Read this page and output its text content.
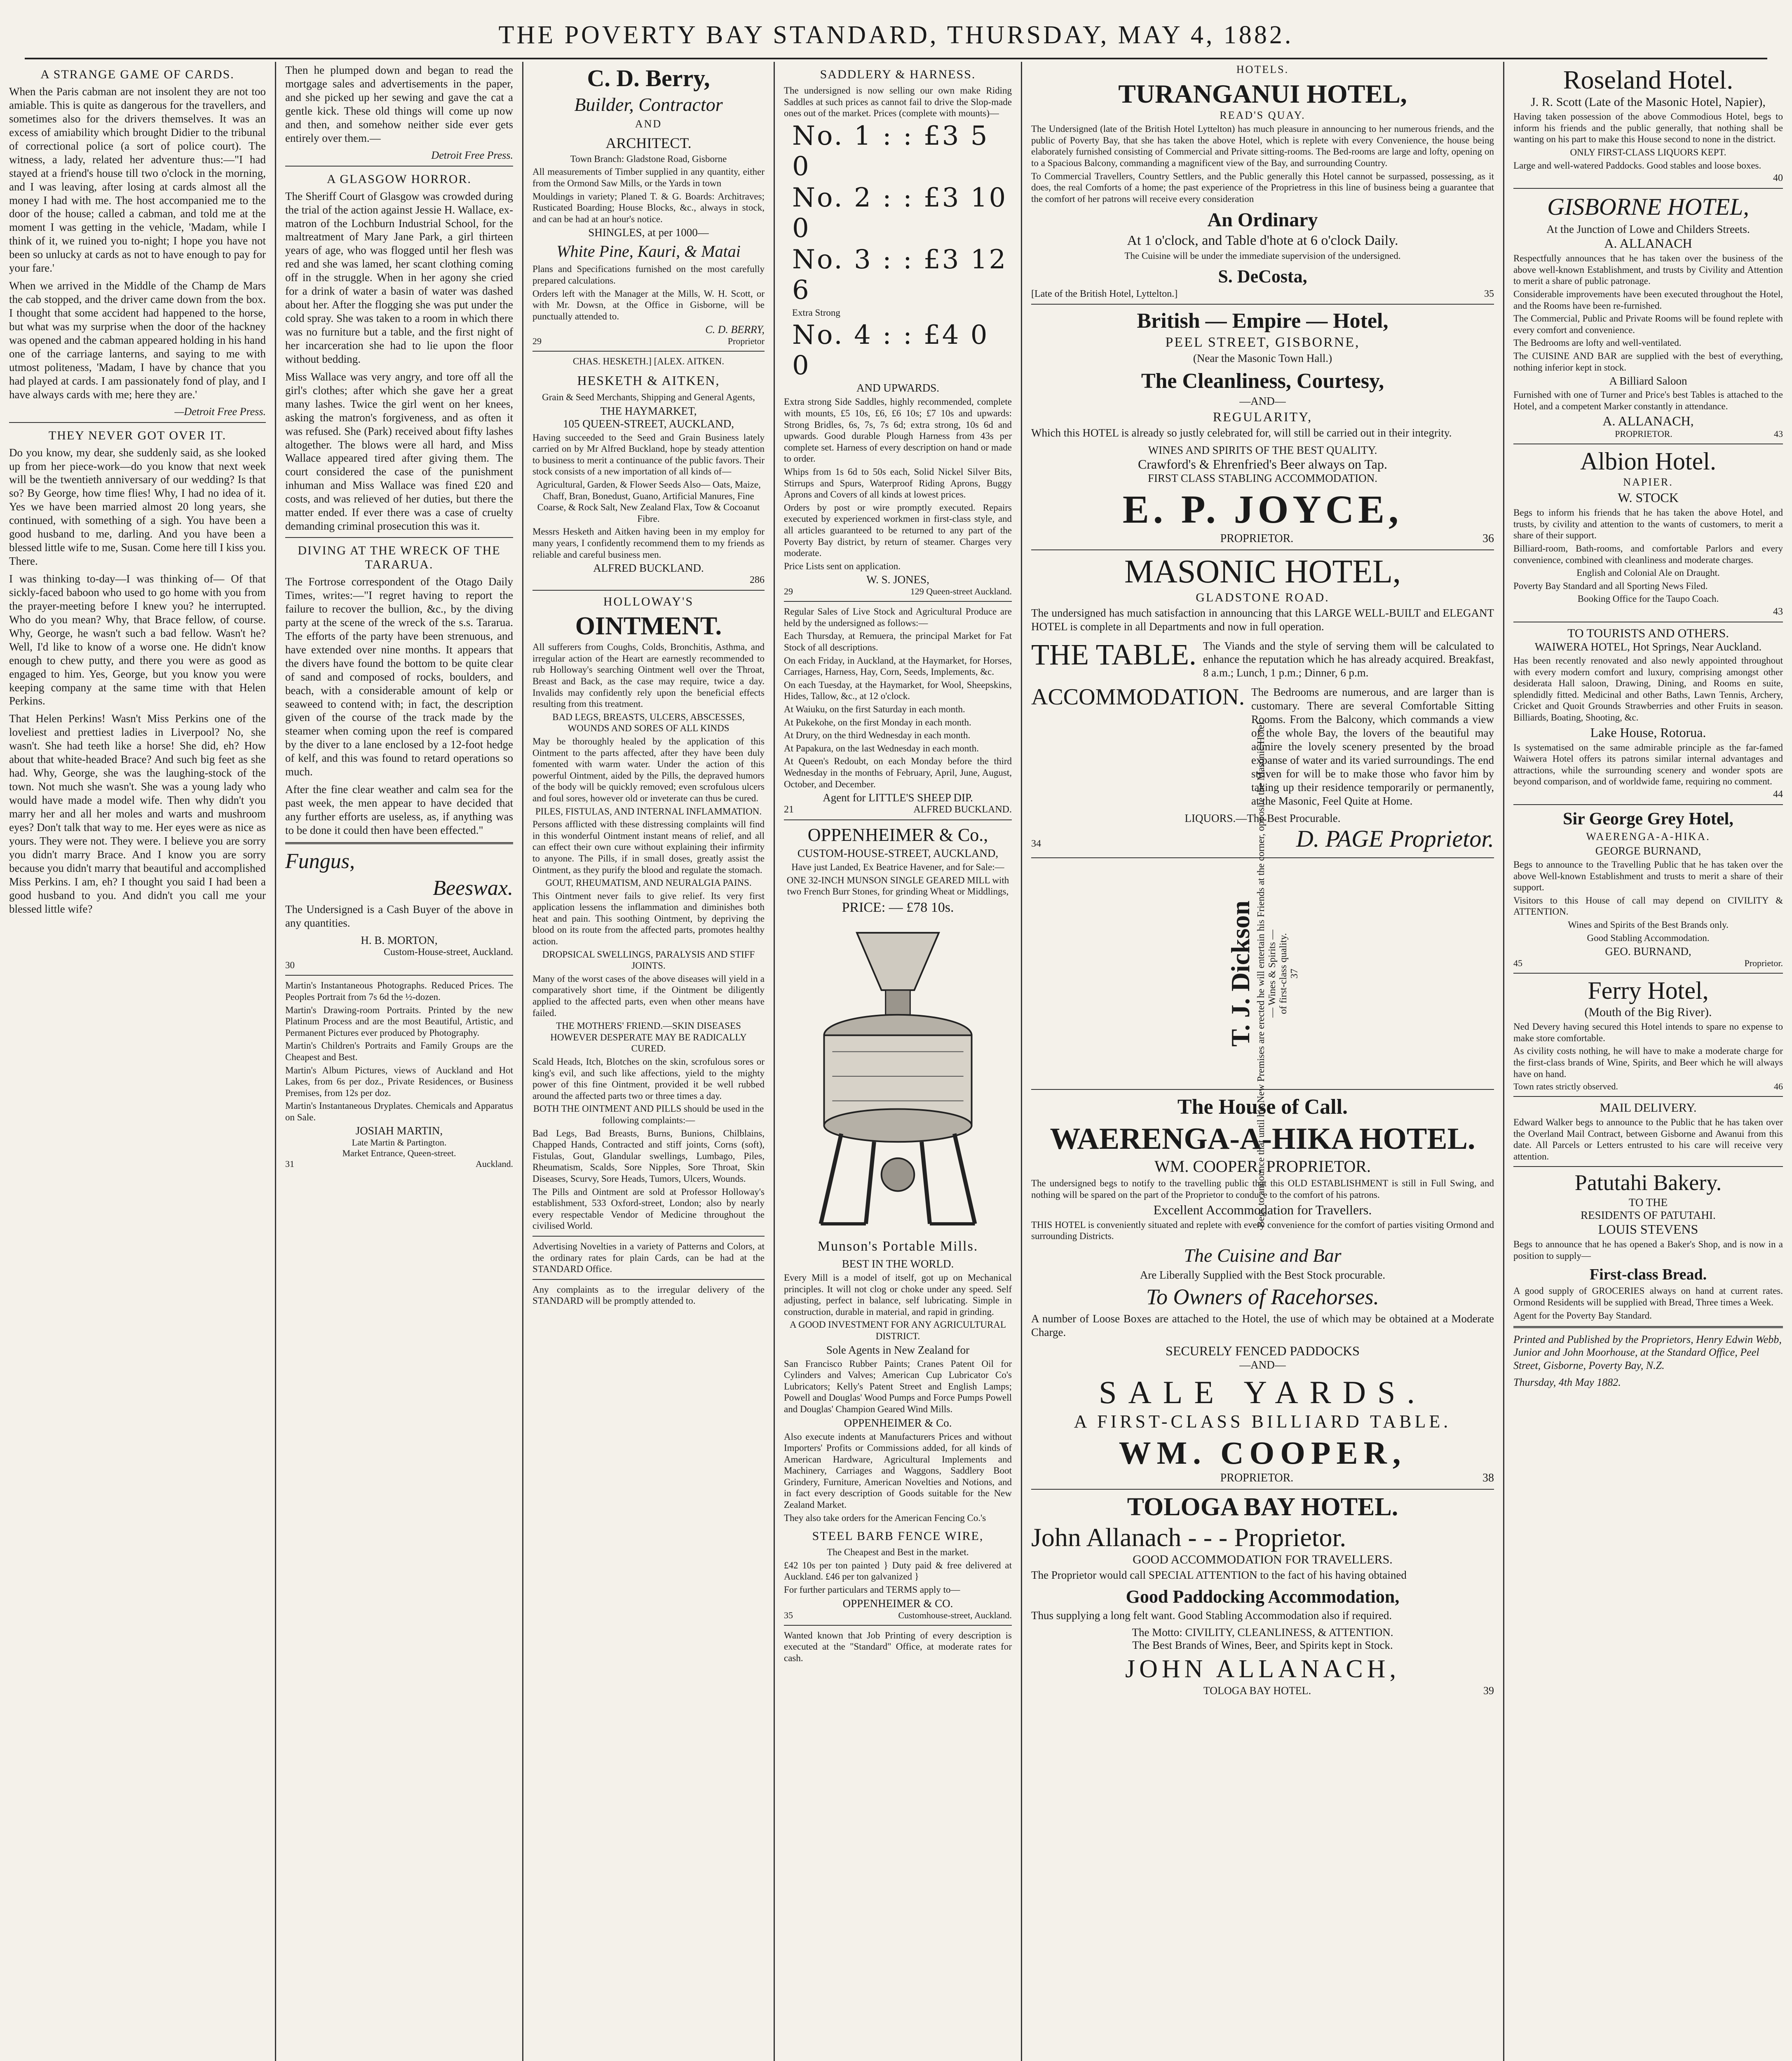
THE POVERTY BAY STANDARD, THURSDAY, MAY 4, 1882.
A STRANGE GAME OF CARDS.
When the Paris cabman are not insolent they are not too amiable. This is quite as dangerous for the travellers, and sometimes also for the drivers themselves. It was an excess of amiability which brought Didier to the tribunal of correctional police (a sort of police court). The witness, a lady, related her adventure thus:—"I had stayed at a friend's house till two o'clock in the morning, and I was leaving, after losing at cards almost all the money I had with me. The host accompanied me to the door of the house; called a cabman, and told me at the moment I was getting in the vehicle, 'Madam, while I think of it, we ruined you to-night; I hope you have not been so unlucky at cards as not to have enough to pay for your fare.'
When we arrived in the Middle of the Champ de Mars the cab stopped, and the driver came down from the box. I thought that some accident had happened to the horse, but what was my surprise when the door of the hackney was opened and the cabman appeared holding in his hand one of the carriage lanterns, and saying to me with utmost politeness, 'Madam, I have by chance that you had played at cards. I am passionately fond of play, and I have always cards with me; here they are.'
—Detroit Free Press.
THEY NEVER GOT OVER IT.
Do you know, my dear, she suddenly said, as she looked up from her piece-work—do you know that next week will be the twentieth anniversary of our wedding? Is that so? By George, how time flies! Why, I had no idea of it. Yes we have been married almost 20 long years, she continued, with something of a sigh. You have been a good husband to me, darling. And you have been a blessed little wife to me, Susan. Come here till I kiss you. There.
I was thinking to-day—I was thinking of— Of that sickly-faced baboon who used to go home with you from the prayer-meeting before I knew you? he interrupted. Who do you mean? Why, that Brace fellow, of course. Why, George, he wasn't such a bad fellow. Wasn't he? Well, I'd like to know of a worse one. He didn't know enough to chew putty, and there you were as good as engaged to him. Yes, George, but you know you were keeping company at the same time with that Helen Perkins.
That Helen Perkins! Wasn't Miss Perkins one of the loveliest and prettiest ladies in Liverpool? No, she wasn't. She had teeth like a horse! She did, eh? How about that white-headed Brace? And such big feet as she had. Why, George, she was the laughing-stock of the town. Not much she wasn't. She was a young lady who would have made a model wife. Then why didn't you marry her and all her moles and warts and mushroom eyes? Don't talk that way to me. Her eyes were as nice as yours. They were not. They were. I believe you are sorry you didn't marry Brace. And I know you are sorry because you didn't marry that beautiful and accomplished Miss Perkins. I am, eh? I thought you said I had been a good husband to you. And didn't you call me your blessed little wife?
Then he plumped down and began to read the mortgage sales and advertisements in the paper, and she picked up her sewing and gave the cat a gentle kick. These old things will come up now and then, and somehow neither side ever gets entirely over them.—
Detroit Free Press.
A GLASGOW HORROR.
The Sheriff Court of Glasgow was crowded during the trial of the action against Jessie H. Wallace, ex-matron of the Lochburn Industrial School, for the maltreatment of Mary Jane Park, a girl thirteen years of age, who was flogged until her flesh was red and she was lamed, her scant clothing coming off in the struggle. When in her agony she cried for a drink of water a basin of water was dashed about her. After the flogging she was put under the cold spray. She was taken to a room in which there was no furniture but a table, and the first night of her incarceration she had to lie upon the floor without bedding.
Miss Wallace was very angry, and tore off all the girl's clothes; after which she gave her a great many lashes. Twice the girl went on her knees, asking the matron's forgiveness, and as often it was refused. She (Park) received about fifty lashes altogether. The blows were all hard, and Miss Wallace appeared tired after giving them. The court considered the case of the punishment inhuman and Miss Wallace was fined £20 and costs, and was relieved of her duties, but there the matter ended. If ever there was a case of cruelty demanding criminal prosecution this was it.
DIVING AT THE WRECK OF THE TARARUA.
The Fortrose correspondent of the Otago Daily Times, writes:—"I regret having to report the failure to recover the bullion, &c., by the diving party at the scene of the wreck of the s.s. Tararua. The efforts of the party have been strenuous, and have extended over nine months. It appears that the divers have found the bottom to be quite clear of sand and composed of rocks, boulders, and beach, with a considerable amount of kelp or seaweed to contend with; in fact, the description given of the course of the track made by the steamer when coming upon the reef is compared by the diver to a lane enclosed by a 12-foot hedge of kelf, and this was found to retard operations so much.
After the fine clear weather and calm sea for the past week, the men appear to have decided that any further efforts are useless, as, if anything was to be done it could then have been effected."
Fungus,
Beeswax.
The Undersigned is a Cash Buyer of the above in any quantities.
H. B. MORTON,
Custom-House-street, Auckland.
30
Martin's Instantaneous Photographs. Reduced Prices. The Peoples Portrait from 7s 6d the ½-dozen.
Martin's Drawing-room Portraits. Printed by the new Platinum Process and are the most Beautiful, Artistic, and Permanent Pictures ever produced by Photography.
Martin's Children's Portraits and Family Groups are the Cheapest and Best.
Martin's Album Pictures, views of Auckland and Hot Lakes, from 6s per doz., Private Residences, or Business Premises, from 12s per doz.
Martin's Instantaneous Dryplates. Chemicals and Apparatus on Sale.
JOSIAH MARTIN,
Late Martin & Partington.
Market Entrance, Queen-street.
31	Auckland.
C. D. Berry,
Builder, Contractor
AND
ARCHITECT.
Town Branch: Gladstone Road, Gisborne
All measurements of Timber supplied in any quantity, either from the Ormond Saw Mills, or the Yards in town
Mouldings in variety; Planed T. & G. Boards: Architraves; Rusticated Boarding; House Blocks, &c., always in stock, and can be had at an hour's notice.
SHINGLES, at per 1000—
White Pine, Kauri, & Matai
Plans and Specifications furnished on the most carefully prepared calculations.
Orders left with the Manager at the Mills, W. H. Scott, or with Mr. Dowsn, at the Office in Gisborne, will be punctually attended to.
C. D. BERRY,
29	Proprietor
CHAS. HESKETH.] [ALEX. AITKEN.
HESKETH & AITKEN,
Grain & Seed Merchants, Shipping and General Agents,
THE HAYMARKET,
105 QUEEN-STREET, AUCKLAND,
Having succeeded to the Seed and Grain Business lately carried on by Mr Alfred Buckland, hope by steady attention to business to merit a continuance of the public favors. Their stock consists of a new importation of all kinds of—
Agricultural, Garden, & Flower Seeds Also— Oats, Maize, Chaff, Bran, Bonedust, Guano, Artificial Manures, Fine Coarse, & Rock Salt, New Zealand Flax, Tow & Cocoanut Fibre.
Messrs Hesketh and Aitken having been in my employ for many years, I confidently recommend them to my friends as reliable and careful business men.
ALFRED BUCKLAND.
286
HOLLOWAY'S
OINTMENT.
All sufferers from Coughs, Colds, Bronchitis, Asthma, and irregular action of the Heart are earnestly recommended to rub Holloway's searching Ointment well over the Throat, Breast and Back, as the case may require, twice a day. Invalids may confidently rely upon the beneficial effects resulting from this treatment.
BAD LEGS, BREASTS, ULCERS, ABSCESSES, WOUNDS AND SORES OF ALL KINDS
May be thoroughly healed by the application of this Ointment to the parts affected, after they have been duly fomented with warm water. Under the action of this powerful Ointment, aided by the Pills, the depraved humors of the body will be quickly removed; even scrofulous ulcers and foul sores, however old or inveterate can thus be cured.
PILES, FISTULAS, AND INTERNAL INFLAMMATION.
Persons afflicted with these distressing complaints will find in this wonderful Ointment instant means of relief, and all can effect their own cure without explaining their infirmity to anyone. The Pills, if in small doses, greatly assist the Ointment, as they purify the blood and regulate the stomach.
GOUT, RHEUMATISM, AND NEURALGIA PAINS.
This Ointment never fails to give relief. Its very first application lessens the inflammation and diminishes both heat and pain. This soothing Ointment, by depriving the blood on its route from the affected parts, promotes healthy action.
DROPSICAL SWELLINGS, PARALYSIS AND STIFF JOINTS.
Many of the worst cases of the above diseases will yield in a comparatively short time, if the Ointment be diligently applied to the affected parts, even when other means have failed.
THE MOTHERS' FRIEND.—SKIN DISEASES HOWEVER DESPERATE MAY BE RADICALLY CURED.
Scald Heads, Itch, Blotches on the skin, scrofulous sores or king's evil, and such like affections, yield to the mighty power of this fine Ointment, provided it be well rubbed around the affected parts two or three times a day.
BOTH THE OINTMENT AND PILLS should be used in the following complaints:—
Bad Legs, Bad Breasts, Burns, Bunions, Chilblains, Chapped Hands, Contracted and stiff joints, Corns (soft), Fistulas, Gout, Glandular swellings, Lumbago, Piles, Rheumatism, Scalds, Sore Nipples, Sore Throat, Skin Diseases, Scurvy, Sore Heads, Tumors, Ulcers, Wounds.
The Pills and Ointment are sold at Professor Holloway's establishment, 533 Oxford-street, London; also by nearly every respectable Vendor of Medicine throughout the civilised World.
Advertising Novelties in a variety of Patterns and Colors, at the ordinary rates for plain Cards, can be had at the STANDARD Office.
Any complaints as to the irregular delivery of the STANDARD will be promptly attended to.
SADDLERY & HARNESS.
The undersigned is now selling our own make Riding Saddles at such prices as cannot fail to drive the Slop-made ones out of the market. Prices (complete with mounts)—
No. 1 : : £3 5 0
No. 2 : : £3 10 0
No. 3 : : £3 12 6
Extra Strong
No. 4 : : £4 0 0
AND UPWARDS.
Extra strong Side Saddles, highly recommended, complete with mounts, £5 10s, £6, £6 10s; £7 10s and upwards: Strong Bridles, 6s, 7s, 7s 6d; extra strong, 10s 6d and upwards. Good durable Plough Harness from 43s per complete set. Harness of every description on hand or made to order.
Whips from 1s 6d to 50s each, Solid Nickel Silver Bits, Stirrups and Spurs, Waterproof Riding Aprons, Buggy Aprons and Covers of all kinds at lowest prices.
Orders by post or wire promptly executed. Repairs executed by experienced workmen in first-class style, and all articles guaranteed to be returned to any part of the Poverty Bay district, by return of steamer. Charges very moderate.
Price Lists sent on application.
W. S. JONES,
29	129 Queen-street Auckland.
Regular Sales of Live Stock and Agricultural Produce are held by the undersigned as follows:—
Each Thursday, at Remuera, the principal Market for Fat Stock of all descriptions.
On each Friday, in Auckland, at the Haymarket, for Horses, Carriages, Harness, Hay, Corn, Seeds, Implements, &c.
On each Tuesday, at the Haymarket, for Wool, Sheepskins, Hides, Tallow, &c., at 12 o'clock.
At Waiuku, on the first Saturday in each month.
At Pukekohe, on the first Monday in each month.
At Drury, on the third Wednesday in each month.
At Papakura, on the last Wednesday in each month.
At Queen's Redoubt, on each Monday before the third Wednesday in the months of February, April, June, August, October, and December.
Agent for LITTLE'S SHEEP DIP.
21	ALFRED BUCKLAND.
OPPENHEIMER & Co.,
CUSTOM-HOUSE-STREET, AUCKLAND,
Have just Landed, Ex Beatrice Havener, and for Sale:—
ONE 32-INCH MUNSON SINGLE GEARED MILL with two French Burr Stones, for grinding Wheat or Middlings,
PRICE: — £78 10s.
Munson's Portable Mills.
BEST IN THE WORLD.
Every Mill is a model of itself, got up on Mechanical principles. It will not clog or choke under any speed. Self adjusting, perfect in balance, self lubricating. Simple in construction, durable in material, and rapid in grinding.
A GOOD INVESTMENT FOR ANY AGRICULTURAL DISTRICT.
Sole Agents in New Zealand for
San Francisco Rubber Paints; Cranes Patent Oil for Cylinders and Valves; American Cup Lubricator Co's Lubricators; Kelly's Patent Street and English Lamps; Powell and Douglas' Wood Pumps and Force Pumps Powell and Douglas' Champion Geared Wind Mills.
OPPENHEIMER & Co.
Also execute indents at Manufacturers Prices and without Importers' Profits or Commissions added, for all kinds of American Hardware, Agricultural Implements and Machinery, Carriages and Waggons, Saddlery Boot Grindery, Furniture, American Novelties and Notions, and in fact every description of Goods suitable for the New Zealand Market.
They also take orders for the American Fencing Co.'s
STEEL BARB FENCE WIRE,
The Cheapest and Best in the market.
£42 10s per ton painted } Duty paid & free delivered at Auckland. £46 per ton galvanized }
For further particulars and TERMS apply to—
OPPENHEIMER & CO.
35	Customhouse-street, Auckland.
Wanted known that Job Printing of every description is executed at the "Standard" Office, at moderate rates for cash.
HOTELS.
TURANGANUI HOTEL,
READ'S QUAY.
The Undersigned (late of the British Hotel Lyttelton) has much pleasure in announcing to her numerous friends, and the public of Poverty Bay, that she has taken the above Hotel, which is replete with every Convenience, the house being elaborately furnished consisting of Commercial and Private sitting-rooms. The Bed-rooms are large and lofty, opening on to a Spacious Balcony, commanding a magnificent view of the Bay, and surrounding Country.
To Commercial Travellers, Country Settlers, and the Public generally this Hotel cannot be surpassed, possessing, as it does, the real Comforts of a home; the past experience of the Proprietress in this line of business being a guarantee that the comfort of her patrons will receive every consideration
An Ordinary
At 1 o'clock, and Table d'hote at 6 o'clock Daily.
The Cuisine will be under the immediate supervision of the undersigned.
S. DeCosta,
[Late of the British Hotel, Lyttelton.]	35
British — Empire — Hotel,
PEEL STREET, GISBORNE,
(Near the Masonic Town Hall.)
The Cleanliness, Courtesy,
—AND—
REGULARITY,
Which this HOTEL is already so justly celebrated for, will still be carried out in their integrity.
WINES AND SPIRITS OF THE BEST QUALITY.
Crawford's & Ehrenfried's Beer always on Tap.
FIRST CLASS STABLING ACCOMMODATION.
E. P. JOYCE,
PROPRIETOR.	36
MASONIC HOTEL,
GLADSTONE ROAD.
The undersigned has much satisfaction in announcing that this LARGE WELL-BUILT and ELEGANT HOTEL is complete in all Departments and now in full operation.
THE TABLE. The Viands and the style of serving them will be calculated to enhance the reputation which he has already acquired. Breakfast, 8 a.m.; Lunch, 1 p.m.; Dinner, 6 p.m.
ACCOMMODATION. The Bedrooms are numerous, and are larger than is customary. There are several Comfortable Sitting Rooms. From the Balcony, which commands a view of the whole Bay, the lovers of the beautiful may admire the lovely scenery presented by the broad expanse of water and its varied surroundings. The end striven for will be to make those who favor him by taking up their residence temporarily or permanently, at the Masonic, Feel Quite at Home.
LIQUORS.—The Best Procurable.
34	D. PAGE Proprietor.
T. J. Dickson Begs to announce that until his New Premises are erected he will entertain his Friends at the corner, opposite the Masonic Hotel. — Wines & Spirits — of first-class quality. 37
The House of Call.
WAERENGA-A-HIKA HOTEL.
WM. COOPER, PROPRIETOR.
The undersigned begs to notify to the travelling public that this OLD ESTABLISHMENT is still in Full Swing, and nothing will be spared on the part of the Proprietor to conduce to the comfort of his patrons.
Excellent Accommodation for Travellers.
THIS HOTEL is conveniently situated and replete with every convenience for the comfort of parties visiting Ormond and surrounding Districts.
The Cuisine and Bar
Are Liberally Supplied with the Best Stock procurable.
To Owners of Racehorses.
A number of Loose Boxes are attached to the Hotel, the use of which may be obtained at a Moderate Charge.
SECURELY FENCED PADDOCKS
—AND—
SALE YARDS.
A FIRST-CLASS BILLIARD TABLE.
WM. COOPER,
PROPRIETOR.	38
TOLOGA BAY HOTEL.
John Allanach - - - Proprietor.
GOOD ACCOMMODATION FOR TRAVELLERS.
The Proprietor would call SPECIAL ATTENTION to the fact of his having obtained
Good Paddocking Accommodation,
Thus supplying a long felt want. Good Stabling Accommodation also if required.
The Motto: CIVILITY, CLEANLINESS, & ATTENTION.
The Best Brands of Wines, Beer, and Spirits kept in Stock.
JOHN ALLANACH,
TOLOGA BAY HOTEL.	39
Roseland Hotel.
J. R. Scott (Late of the Masonic Hotel, Napier),
Having taken possession of the above Commodious Hotel, begs to inform his friends and the public generally, that nothing shall be wanting on his part to make this House second to none in the district.
ONLY FIRST-CLASS LIQUORS KEPT.
Large and well-watered Paddocks. Good stables and loose boxes.
40
GISBORNE HOTEL,
At the Junction of Lowe and Childers Streets.
A. ALLANACH
Respectfully announces that he has taken over the business of the above well-known Establishment, and trusts by Civility and Attention to merit a share of public patronage.
Considerable improvements have been executed throughout the Hotel, and the Rooms have been re-furnished.
The Commercial, Public and Private Rooms will be found replete with every comfort and convenience.
The Bedrooms are lofty and well-ventilated.
The CUISINE AND BAR are supplied with the best of everything, nothing inferior kept in stock.
A Billiard Saloon
Furnished with one of Turner and Price's best Tables is attached to the Hotel, and a competent Marker constantly in attendance.
A. ALLANACH,
PROPRIETOR.	43
Albion Hotel.
NAPIER.
W. STOCK
Begs to inform his friends that he has taken the above Hotel, and trusts, by civility and attention to the wants of customers, to merit a share of their support.
Billiard-room, Bath-rooms, and comfortable Parlors and every convenience, combined with cleanliness and moderate charges.
English and Colonial Ale on Draught.
Poverty Bay Standard and all Sporting News Filed.
Booking Office for the Taupo Coach.
43
TO TOURISTS AND OTHERS.
WAIWERA HOTEL, Hot Springs, Near Auckland.
Has been recently renovated and also newly appointed throughout with every modern comfort and luxury, comprising amongst other desiderata Hall saloon, Drawing, Dining, and Rooms en suite, splendidly fitted. Medicinal and other Baths, Lawn Tennis, Archery, Cricket and Quoit Grounds Strawberries and other Fruits in season. Billiards, Boating, Shooting, &c.
Lake House, Rotorua.
Is systematised on the same admirable principle as the far-famed Waiwera Hotel offers its patrons similar internal advantages and attractions, while the surrounding scenery and wonder spots are beyond comparison, and of worldwide fame, requiring no comment.
44
Sir George Grey Hotel,
WAERENGA-A-HIKA.
GEORGE BURNAND,
Begs to announce to the Travelling Public that he has taken over the above Well-known Establishment and trusts to merit a share of their support.
Visitors to this House of call may depend on CIVILITY & ATTENTION.
Wines and Spirits of the Best Brands only.
Good Stabling Accommodation.
GEO. BURNAND,
45	Proprietor.
Ferry Hotel,
(Mouth of the Big River).
Ned Devery having secured this Hotel intends to spare no expense to make store comfortable.
As civility costs nothing, he will have to make a moderate charge for the first-class brands of Wine, Spirits, and Beer which he will always have on hand.
Town rates strictly observed.	46
MAIL DELIVERY.
Edward Walker begs to announce to the Public that he has taken over the Overland Mail Contract, between Gisborne and Awanui from this date. All Parcels or Letters entrusted to his care will receive very attention.
Patutahi Bakery.
TO THE
RESIDENTS OF PATUTAHI.
LOUIS STEVENS
Begs to announce that he has opened a Baker's Shop, and is now in a position to supply—
First-class Bread.
A good supply of GROCERIES always on hand at current rates. Ormond Residents will be supplied with Bread, Three times a Week.
Agent for the Poverty Bay Standard.
Printed and Published by the Proprietors, Henry Edwin Webb, Junior and John Moorhouse, at the Standard Office, Peel Street, Gisborne, Poverty Bay, N.Z.
Thursday, 4th May 1882.
